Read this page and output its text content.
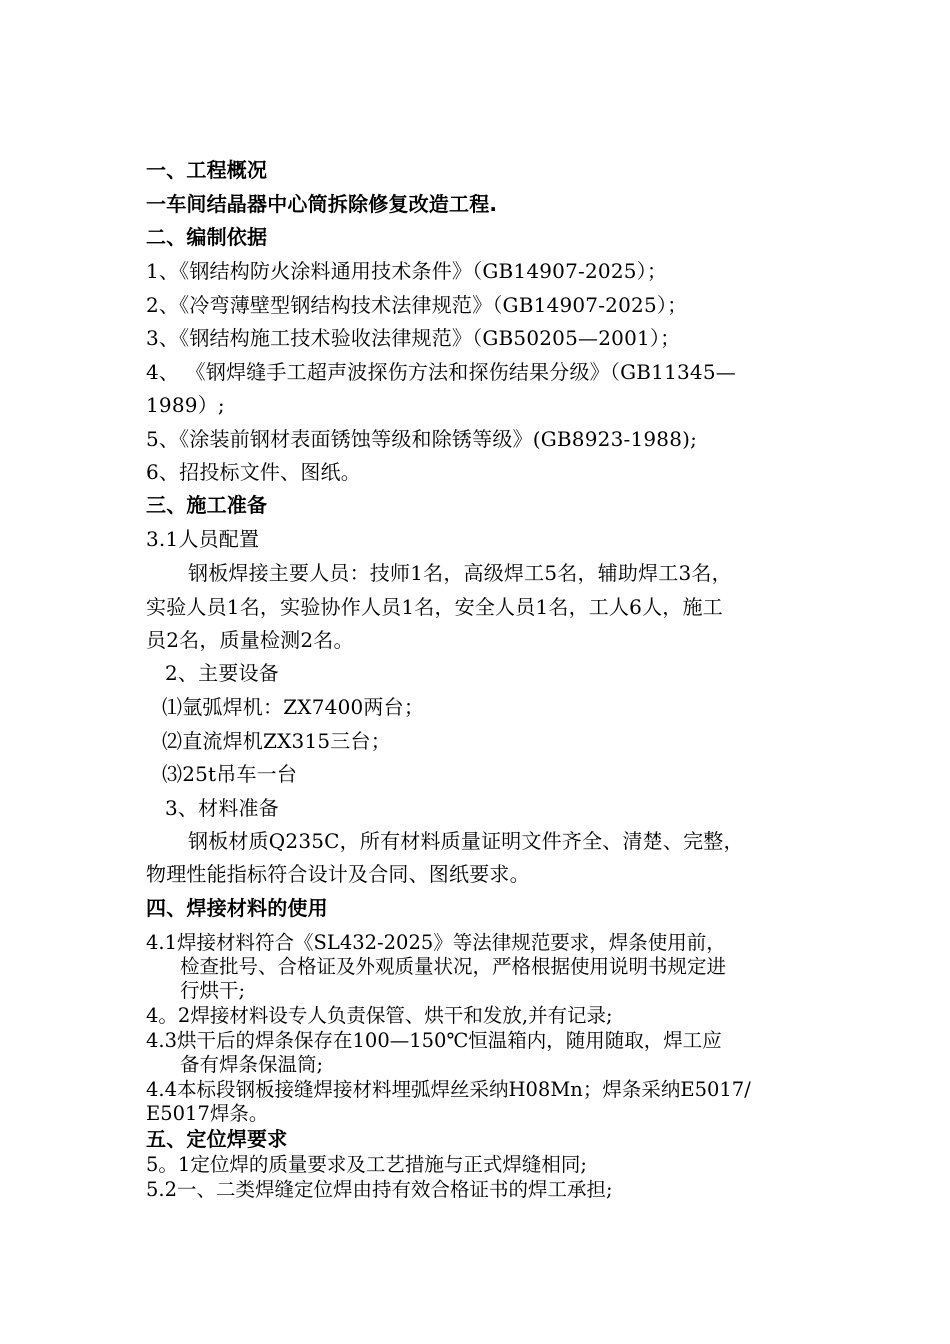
一、工程概况
一车间结晶器中心筒拆除修复改造工程.
二、编制依据
1、《钢结构防火涂料通用技术条件》（GB14907-2025）；
2、《冷弯薄壁型钢结构技术法律规范》（GB14907-2025）；
3、《钢结构施工技术验收法律规范》（GB50205—2001）；
4、 《钢焊缝手工超声波探伤方法和探伤结果分级》（GB11345—
1989）;
5、《涂装前钢材表面锈蚀等级和除锈等级》(GB8923-1988);
6、招投标文件、图纸。
三、施工准备
3.1人员配置
钢板焊接主要人员：技师1名，高级焊工5名，辅助焊工3名，
实验人员1名，实验协作人员1名，安全人员1名，工人6人，施工
员2名，质量检测2名。
2、主要设备
⑴氩弧焊机：ZX7400两台；
⑵直流焊机ZX315三台；
⑶25t吊车一台
3、材料准备
钢板材质Q235C，所有材料质量证明文件齐全、清楚、完整，
物理性能指标符合设计及合同、图纸要求。
四、焊接材料的使用
4.1焊接材料符合《SL432-2025》等法律规范要求，焊条使用前，
检查批号、合格证及外观质量状况，严格根据使用说明书规定进
行烘干;
4。2焊接材料设专人负责保管、烘干和发放,并有记录;
4.3烘干后的焊条保存在100—150℃恒温箱内，随用随取，焊工应
备有焊条保温筒;
4.4本标段钢板接缝焊接材料埋弧焊丝采纳H08Mn；焊条采纳E5017/
E5017焊条。
五、定位焊要求
5。1定位焊的质量要求及工艺措施与正式焊缝相同;
5.2一、二类焊缝定位焊由持有效合格证书的焊工承担;
